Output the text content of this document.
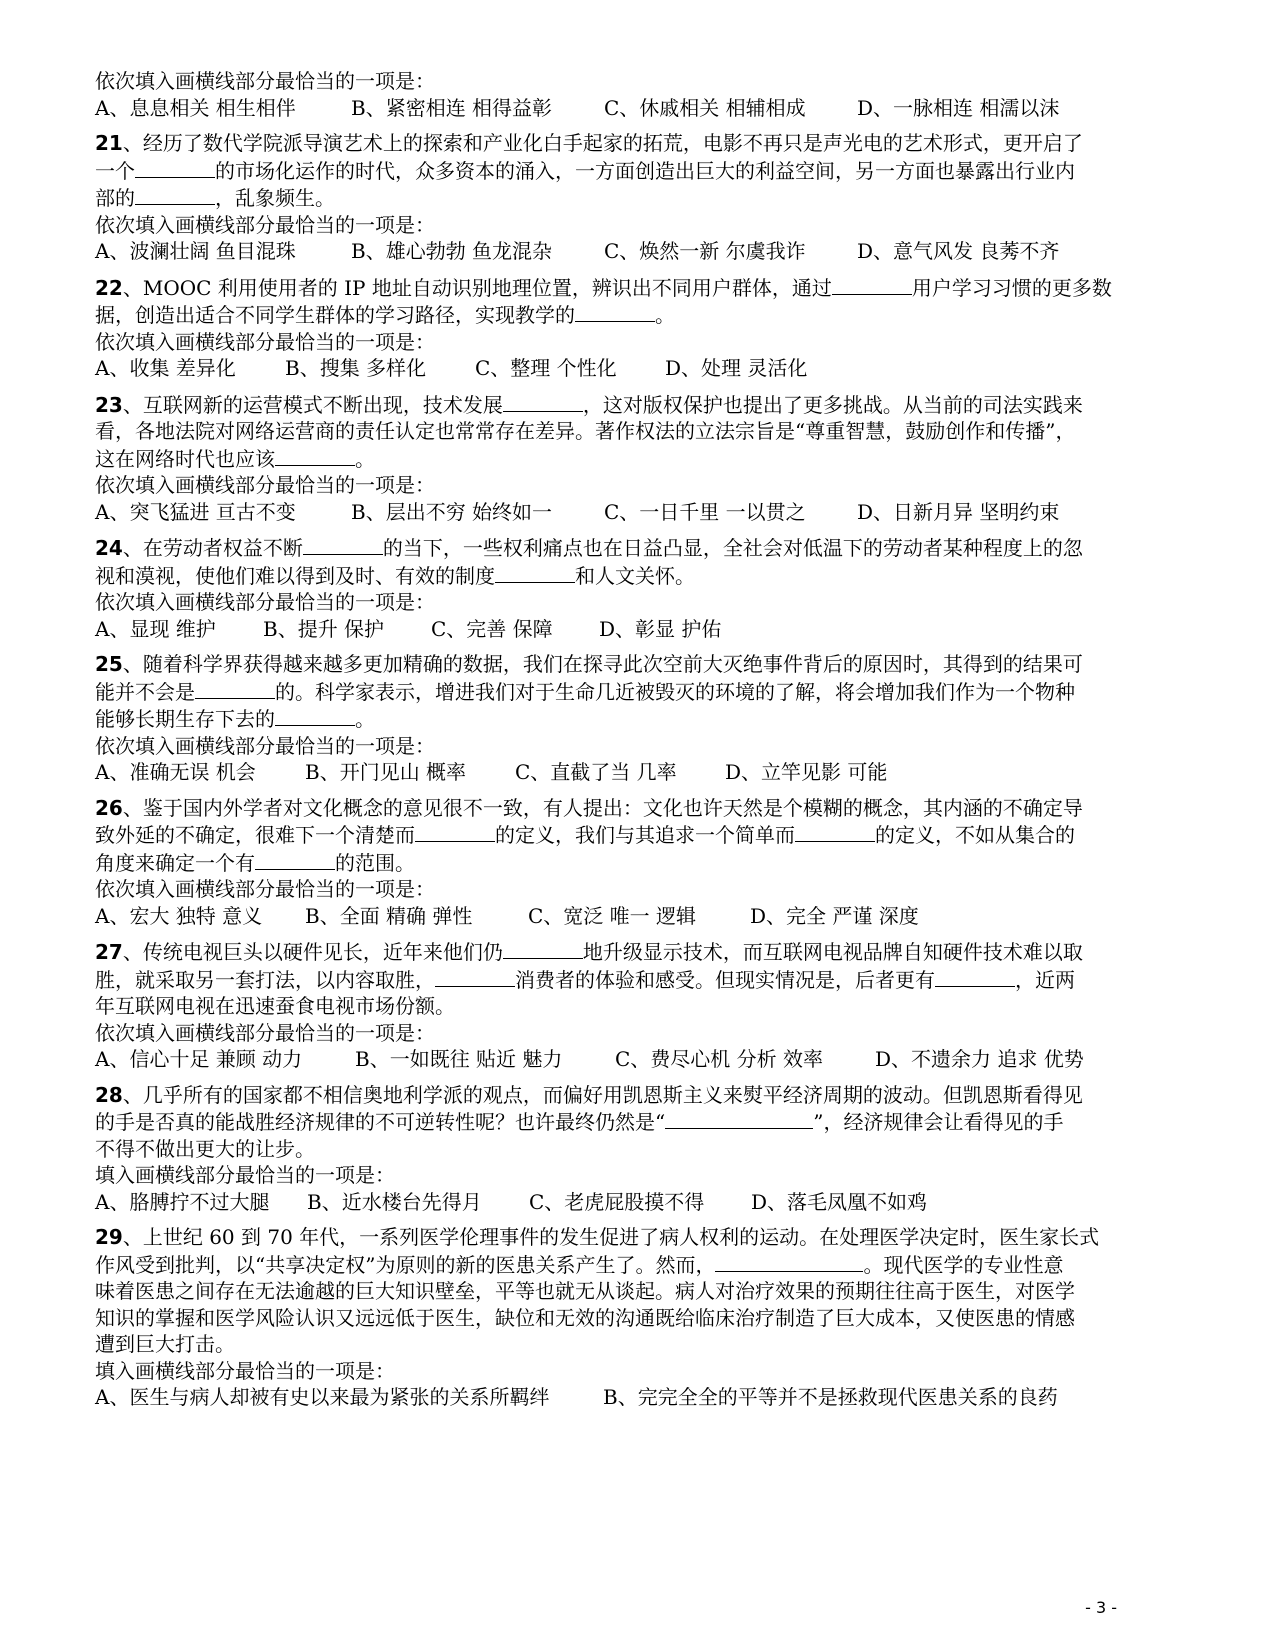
依次填入画横线部分最恰当的一项是：
A、息息相关 相生相伴	B、紧密相连 相得益彰	C、休戚相关 相辅相成	D、一脉相连 相濡以沫
21、经历了数代学院派导演艺术上的探索和产业化白手起家的拓荒，电影不再只是声光电的艺术形式，更开启了
一个	的市场化运作的时代，众多资本的涌入，一方面创造出巨大的利益空间，另一方面也暴露出行业内
部的	，乱象频生。
依次填入画横线部分最恰当的一项是：
A、波澜壮阔 鱼目混珠	B、雄心勃勃 鱼龙混杂	C、焕然一新 尔虞我诈	D、意气风发 良莠不齐
22、MOOC 利用使用者的 IP 地址自动识别地理位置，辨识出不同用户群体，通过	用户学习习惯的更多数
据，创造出适合不同学生群体的学习路径，实现教学的	。
依次填入画横线部分最恰当的一项是：
A、收集 差异化	B、搜集 多样化	C、整理 个性化	D、处理 灵活化
23、互联网新的运营模式不断出现，技术发展	，这对版权保护也提出了更多挑战。从当前的司法实践来
看，各地法院对网络运营商的责任认定也常常存在差异。著作权法的立法宗旨是“尊重智慧，鼓励创作和传播”，
这在网络时代也应该	。
依次填入画横线部分最恰当的一项是：
A、突飞猛进 亘古不变	B、层出不穷 始终如一	C、一日千里 一以贯之	D、日新月异 坚明约束
24、在劳动者权益不断	的当下，一些权利痛点也在日益凸显，全社会对低温下的劳动者某种程度上的忽
视和漠视，使他们难以得到及时、有效的制度	和人文关怀。
依次填入画横线部分最恰当的一项是：
A、显现 维护	B、提升 保护	C、完善 保障	D、彰显 护佑
25、随着科学界获得越来越多更加精确的数据，我们在探寻此次空前大灭绝事件背后的原因时，其得到的结果可
能并不会是	的。科学家表示，增进我们对于生命几近被毁灭的环境的了解，将会增加我们作为一个物种
能够长期生存下去的	。
依次填入画横线部分最恰当的一项是：
A、准确无误 机会	B、开门见山 概率	C、直截了当 几率	D、立竿见影 可能
26、鉴于国内外学者对文化概念的意见很不一致，有人提出：文化也许天然是个模糊的概念，其内涵的不确定导
致外延的不确定，很难下一个清楚而	的定义，我们与其追求一个简单而	的定义，不如从集合的
角度来确定一个有	的范围。
依次填入画横线部分最恰当的一项是：
A、宏大 独特 意义	B、全面 精确 弹性	C、宽泛 唯一 逻辑	D、完全 严谨 深度
27、传统电视巨头以硬件见长，近年来他们仍	地升级显示技术，而互联网电视品牌自知硬件技术难以取
胜，就采取另一套打法，以内容取胜，	消费者的体验和感受。但现实情况是，后者更有	，近两
年互联网电视在迅速蚕食电视市场份额。
依次填入画横线部分最恰当的一项是：
A、信心十足 兼顾 动力	B、一如既往 贴近 魅力	C、费尽心机 分析 效率	D、不遗余力 追求 优势
28、几乎所有的国家都不相信奥地利学派的观点，而偏好用凯恩斯主义来熨平经济周期的波动。但凯恩斯看得见
的手是否真的能战胜经济规律的不可逆转性呢？也许最终仍然是“	”，经济规律会让看得见的手
不得不做出更大的让步。
填入画横线部分最恰当的一项是：
A、胳膊拧不过大腿	B、近水楼台先得月	C、老虎屁股摸不得	D、落毛凤凰不如鸡
29、上世纪 60 到 70 年代，一系列医学伦理事件的发生促进了病人权利的运动。在处理医学决定时，医生家长式
作风受到批判，以“共享决定权”为原则的新的医患关系产生了。然而，	。现代医学的专业性意
味着医患之间存在无法逾越的巨大知识壁垒，平等也就无从谈起。病人对治疗效果的预期往往高于医生，对医学
知识的掌握和医学风险认识又远远低于医生，缺位和无效的沟通既给临床治疗制造了巨大成本，又使医患的情感
遭到巨大打击。
填入画横线部分最恰当的一项是：
A、医生与病人却被有史以来最为紧张的关系所羁绊	B、完完全全的平等并不是拯救现代医患关系的良药
- 3 -
